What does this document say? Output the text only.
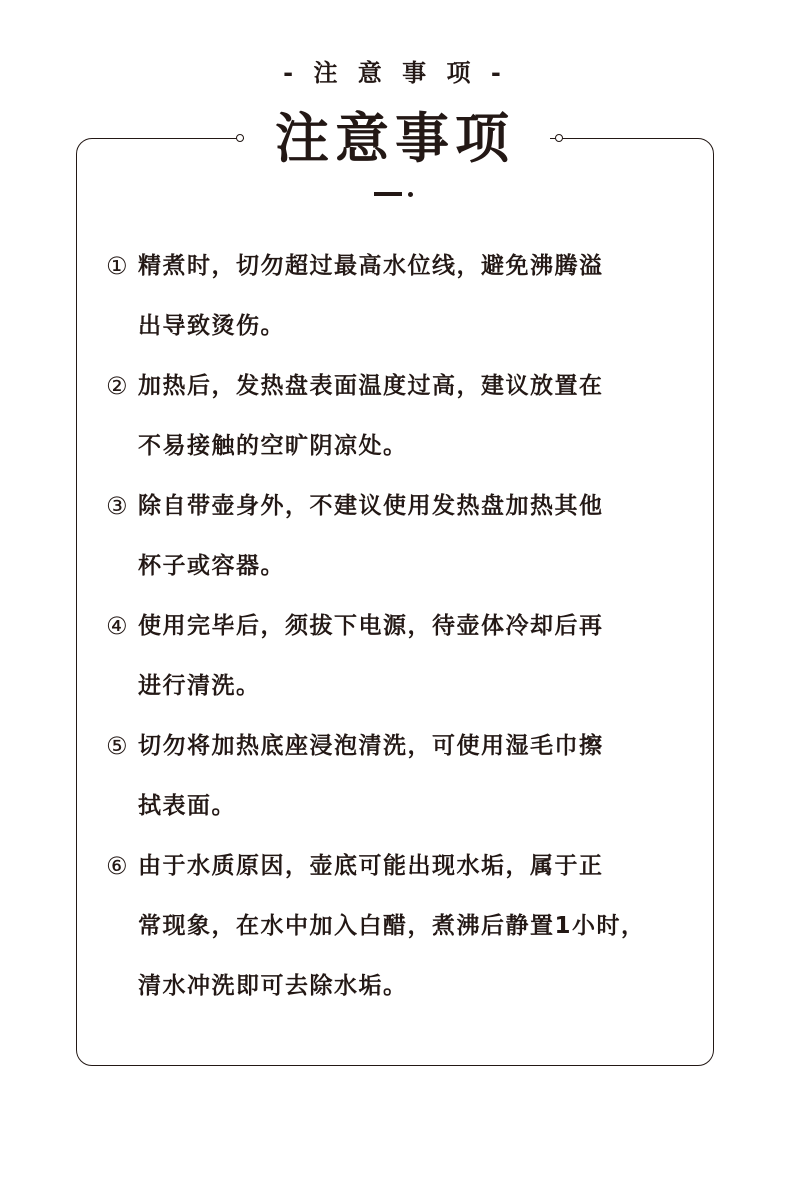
- 注 意 事 项 -
注意事项
① 精煮时，切勿超过最高水位线，避免沸腾溢
出导致烫伤。
② 加热后，发热盘表面温度过高，建议放置在
不易接触的空旷阴凉处。
③ 除自带壶身外，不建议使用发热盘加热其他
杯子或容器。
④ 使用完毕后，须拔下电源，待壶体冷却后再
进行清洗。
⑤ 切勿将加热底座浸泡清洗，可使用湿毛巾擦
拭表面。
⑥ 由于水质原因，壶底可能出现水垢，属于正
常现象，在水中加入白醋，煮沸后静置1小时，
清水冲洗即可去除水垢。
